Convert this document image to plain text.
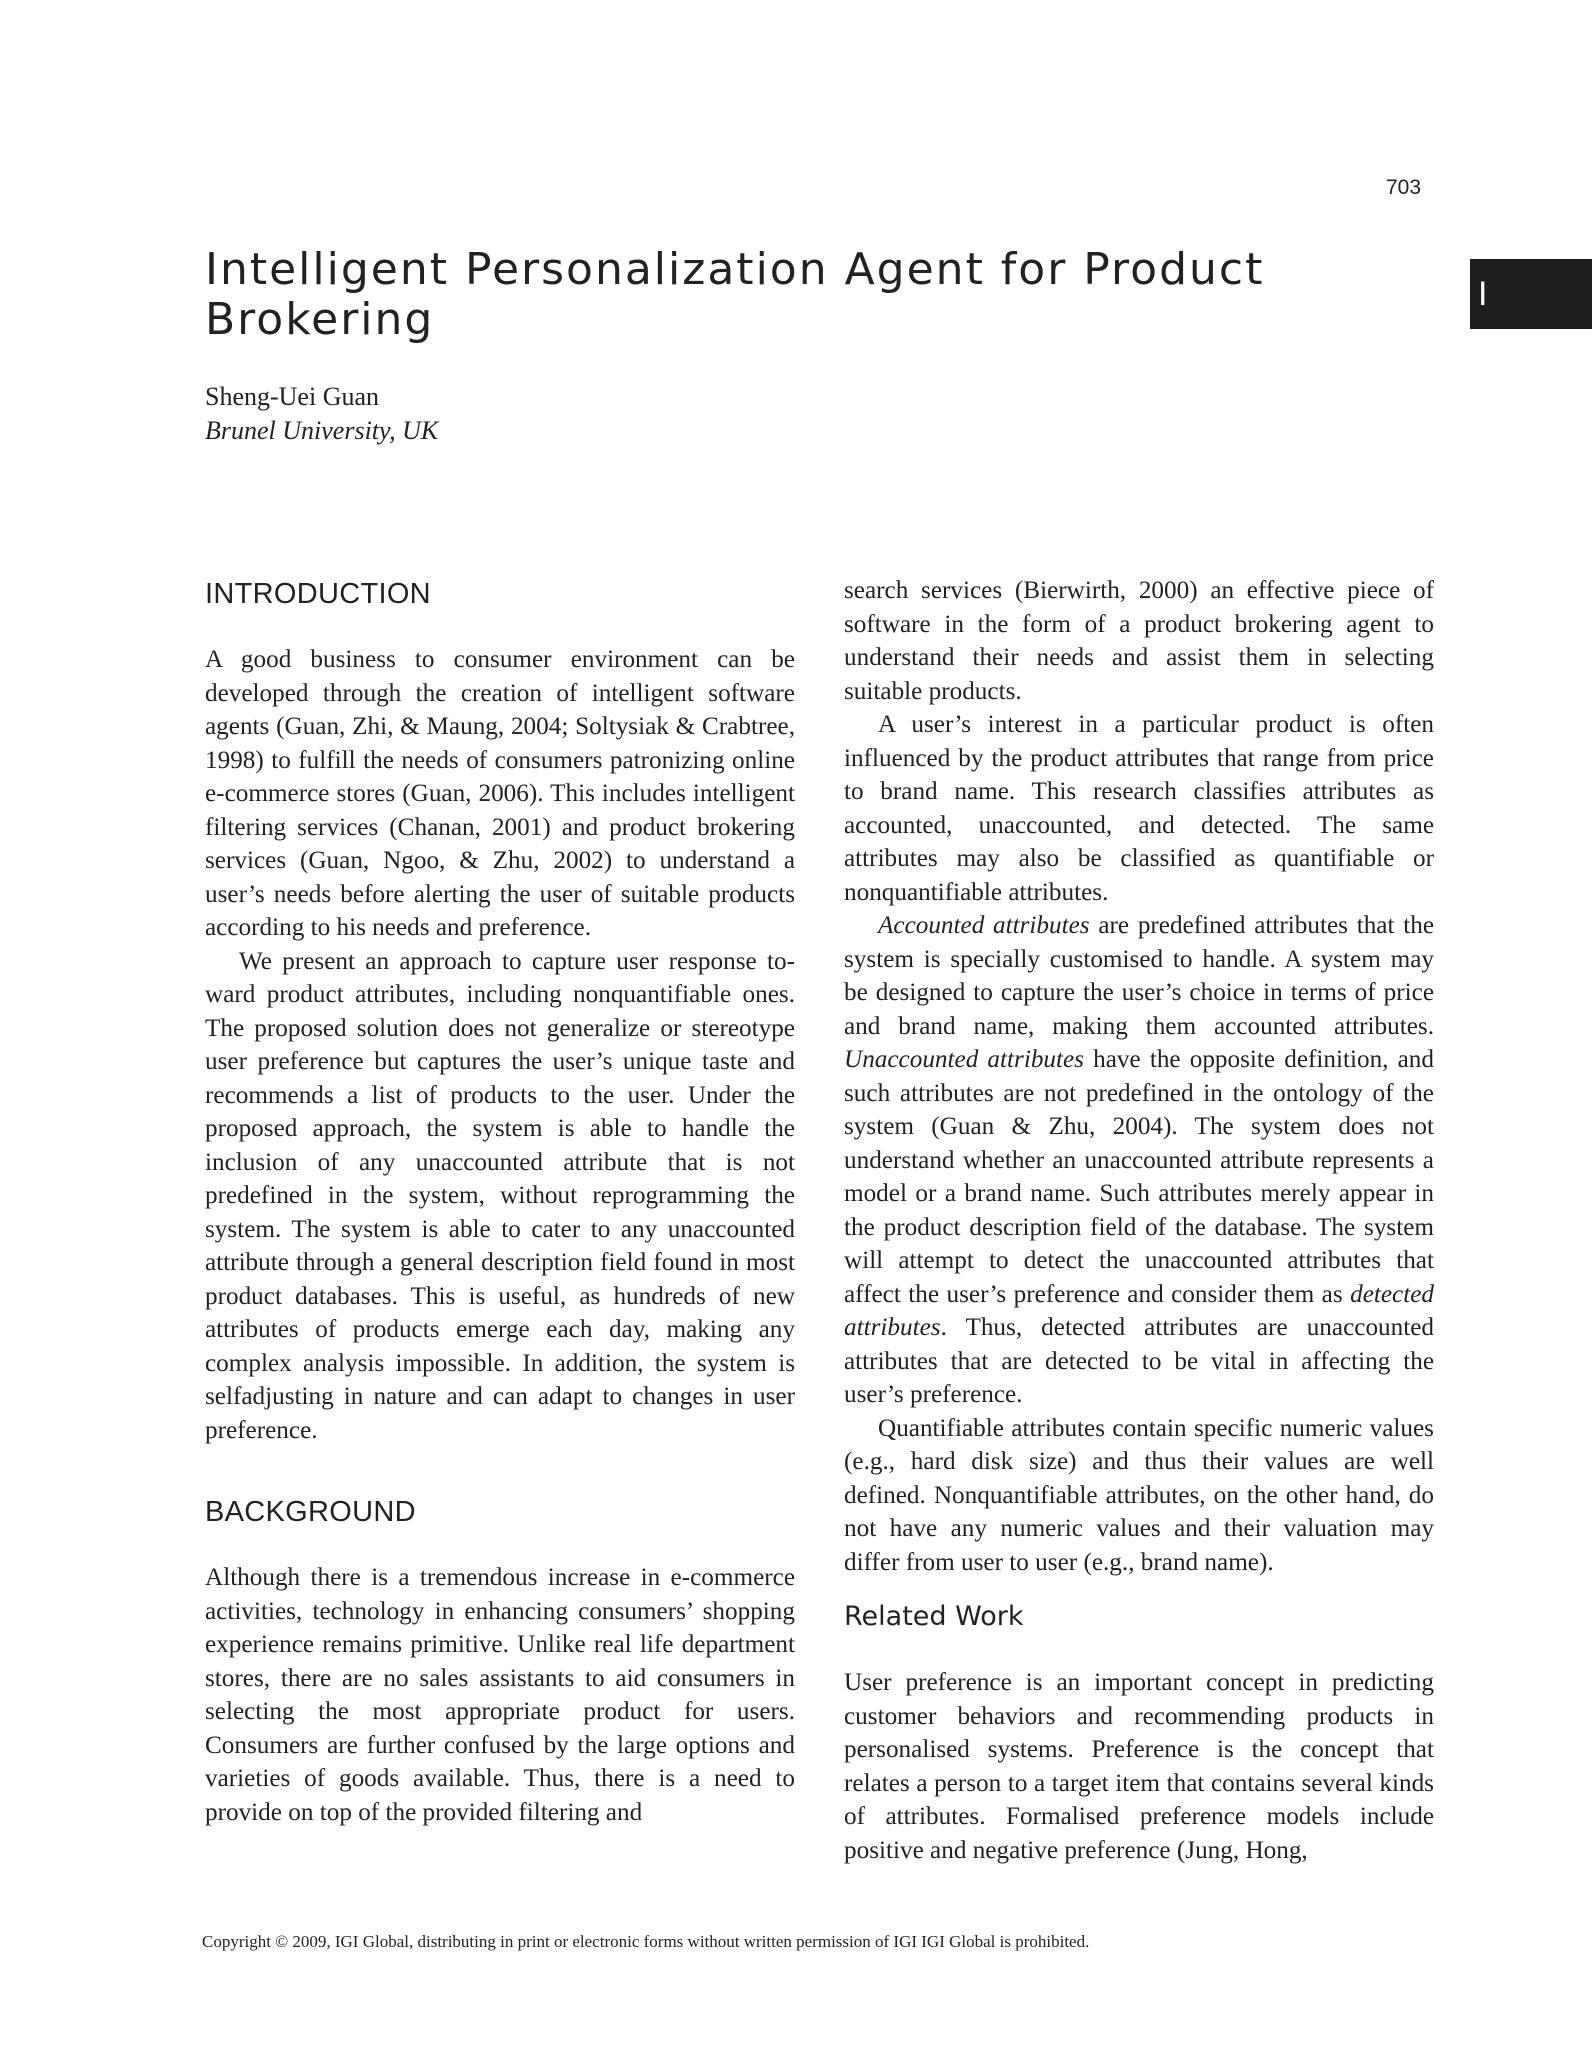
703
I
Intelligent Personalization Agent for Product Brokering
Sheng-Uei Guan
Brunel University, UK
INTRODUCTION

A good business to consumer environment can be developed through the creation of intelligent software agents (Guan, Zhi, & Maung, 2004; Soltysiak & Crabtree, 1998) to fulfill the needs of consumers patronizing online e-commerce stores (Guan, 2006). This includes intelligent filtering services (Chanan, 2001) and product brokering services (Guan, Ngoo, & Zhu, 2002) to understand a user’s needs before alerting the user of suitable products according to his needs and preference.

We present an approach to capture user response toward product attributes, including nonquantifiable ones. The proposed solution does not generalize or stereotype user preference but captures the user’s unique taste and recommends a list of products to the user. Under the proposed approach, the system is able to handle the inclusion of any unaccounted attribute that is not predefined in the system, without reprogramming the system. The system is able to cater to any unaccounted attribute through a general description field found in most product databases. This is useful, as hundreds of new attributes of products emerge each day, making any complex analysis impossible. In addition, the system is selfadjusting in nature and can adapt to changes in user preference.

BACKGROUND

Although there is a tremendous increase in e-commerce activities, technology in enhancing consumers’ shopping experience remains primitive. Unlike real life department stores, there are no sales assistants to aid consumers in selecting the most appropriate product for users. Consumers are further confused by the large options and varieties of goods available. Thus, there is a need to provide on top of the provided filtering and

search services (Bierwirth, 2000) an effective piece of software in the form of a product brokering agent to understand their needs and assist them in selecting suitable products.

A user’s interest in a particular product is often influenced by the product attributes that range from price to brand name. This research classifies attributes as accounted, unaccounted, and detected. The same attributes may also be classified as quantifiable or nonquantifiable attributes.

Accounted attributes are predefined attributes that the system is specially customised to handle. A system may be designed to capture the user’s choice in terms of price and brand name, making them accounted attributes. Unaccounted attributes have the opposite definition, and such attributes are not predefined in the ontology of the system (Guan & Zhu, 2004). The system does not understand whether an unaccounted attribute represents a model or a brand name. Such attributes merely appear in the product description field of the database. The system will attempt to detect the unaccounted attributes that affect the user’s preference and consider them as detected attributes. Thus, detected attributes are unaccounted attributes that are detected to be vital in affecting the user’s preference.

Quantifiable attributes contain specific numeric values (e.g., hard disk size) and thus their values are well defined. Nonquantifiable attributes, on the other hand, do not have any numeric values and their valuation may differ from user to user (e.g., brand name).

Related Work

User preference is an important concept in predicting customer behaviors and recommending products in personalised systems. Preference is the concept that relates a person to a target item that contains several kinds of attributes. Formalised preference models include positive and negative preference (Jung, Hong,

Copyright © 2009, IGI Global, distributing in print or electronic forms without written permission of IGI IGI Global is prohibited.
